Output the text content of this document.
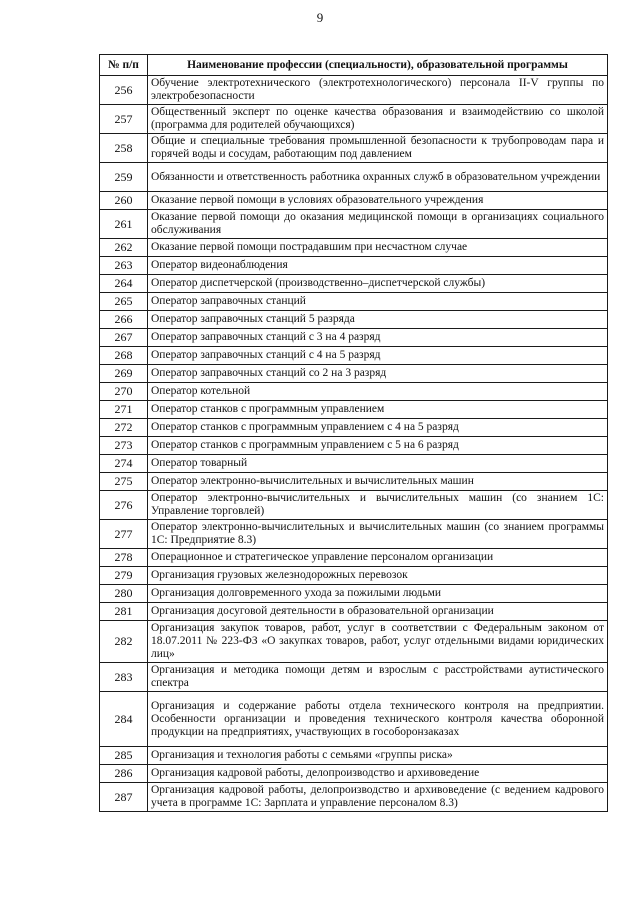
9
№ п/п	Наименование профессии (специальности), образовательной программы
256	Обучение электротехнического (электротехнологического) персонала II-V группы по электробезопасности
257	Общественный эксперт по оценке качества образования и взаимодействию со школой (программа для родителей обучающихся)
258	Общие и специальные требования промышленной безопасности к трубопроводам пара и горячей воды и сосудам, работающим под давлением
259	Обязанности и ответственность работника охранных служб в образовательном учреждении
260	Оказание первой помощи в условиях образовательного учреждения
261	Оказание первой помощи до оказания медицинской помощи в организациях социального обслуживания
262	Оказание первой помощи пострадавшим при несчастном случае
263	Оператор видеонаблюдения
264	Оператор диспетчерской (производственно–диспетчерской службы)
265	Оператор заправочных станций
266	Оператор заправочных станций 5 разряда
267	Оператор заправочных станций с 3 на 4 разряд
268	Оператор заправочных станций с 4 на 5 разряд
269	Оператор заправочных станций со 2 на 3 разряд
270	Оператор котельной
271	Оператор станков с программным управлением
272	Оператор станков с программным управлением с 4 на 5 разряд
273	Оператор станков с программным управлением с 5 на 6 разряд
274	Оператор товарный
275	Оператор электронно-вычислительных и вычислительных машин
276	Оператор электронно-вычислительных и вычислительных машин (со знанием 1С: Управление торговлей)
277	Оператор электронно-вычислительных и вычислительных машин (со знанием программы 1С: Предприятие 8.3)
278	Операционное и стратегическое управление персоналом организации
279	Организация грузовых железнодорожных перевозок
280	Организация долговременного ухода за пожилыми людьми
281	Организация досуговой деятельности в образовательной организации
282	Организация закупок товаров, работ, услуг в соответствии с Федеральным законом от 18.07.2011 № 223-ФЗ «О закупках товаров, работ, услуг отдельными видами юридических лиц»
283	Организация и методика помощи детям и взрослым с расстройствами аутистического спектра
284	Организация и содержание работы отдела технического контроля на предприятии. Особенности организации и проведения технического контроля качества оборонной продукции на предприятиях, участвующих в гособоронзаказах
285	Организация и технология работы с семьями «группы риска»
286	Организация кадровой работы, делопроизводство и архивоведение
287	Организация кадровой работы, делопроизводство и архивоведение (с ведением кадрового учета в программе 1С: Зарплата и управление персоналом 8.3)
